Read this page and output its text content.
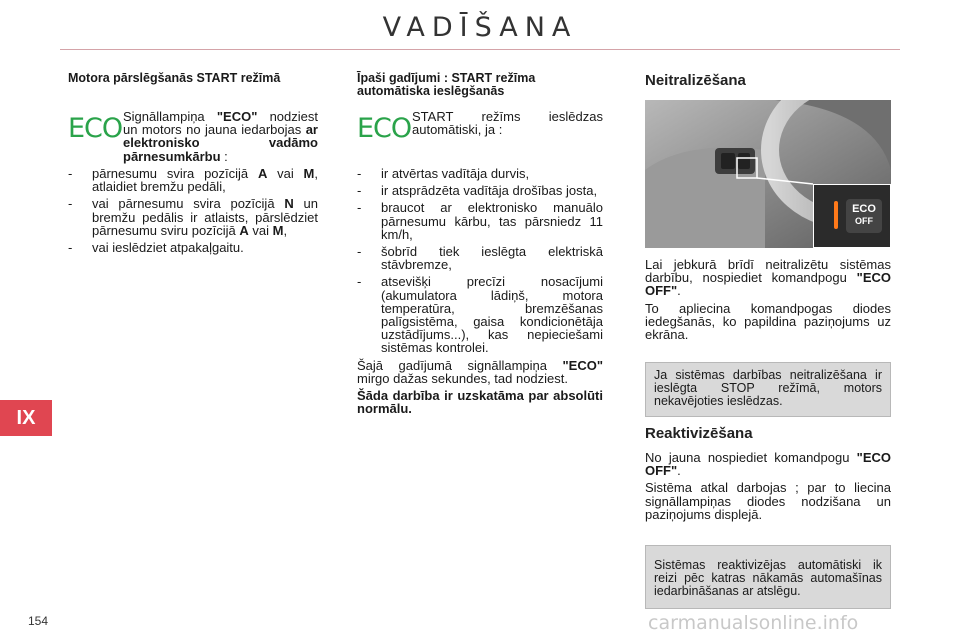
VADĪŠANA
IX
154
Motora pārslēgšanās START režīmā
ECO Signāllampiņa "ECO" nodziest un motors no jauna iedarbojas ar elektronisko vadāmo pārnesumkārbu :
- pārnesumu svira pozīcijā A vai M, atlaidiet bremžu pedāli,
- vai pārnesumu svira pozīcijā N un bremžu pedālis ir atlaists, pārslēdziet pārnesumu sviru pozīcijā A vai M,
- vai ieslēdziet atpakaļgaitu.
Īpaši gadījumi : START režīma automātiska ieslēgšanās
ECO START režīms ieslēdzas automātiski, ja :
- ir atvērtas vadītāja durvis,
- ir atsprādzēta vadītāja drošības josta,
- braucot ar elektronisko manuālo pārnesumu kārbu, tas pārsniedz 11 km/h,
- šobrīd tiek ieslēgta elektriskā stāvbremze,
- atsevišķi precīzi nosacījumi (akumulatora lādiņš, motora temperatūra, bremzēšanas palīgsistēma, gaisa kondicionētāja uzstādījums...), kas nepieciešami sistēmas kontrolei.

Šajā gadījumā signāllampiņa "ECO" mirgo dažas sekundes, tad nodziest.

Šāda darbība ir uzskatāma par absolūti normālu.

Neitralizēšana
ECO
OFF

Lai jebkurā brīdī neitralizētu sistēmas darbību, nospiediet komandpogu "ECO OFF".

To apliecina komandpogas diodes iedegšanās, ko papildina paziņojums uz ekrāna.

Ja sistēmas darbības neitralizēšana ir ieslēgta STOP režīmā, motors nekavējoties ieslēdzas.
Reaktivizēšana

No jauna nospiediet komandpogu "ECO OFF".

Sistēma atkal darbojas ; par to liecina signāllampiņas diodes nodzišana un paziņojums displejā.

Sistēmas reaktivizējas automātiski ik reizi pēc katras nākamās automašīnas iedarbināšanas ar atslēgu.
carmanualsonline.info
